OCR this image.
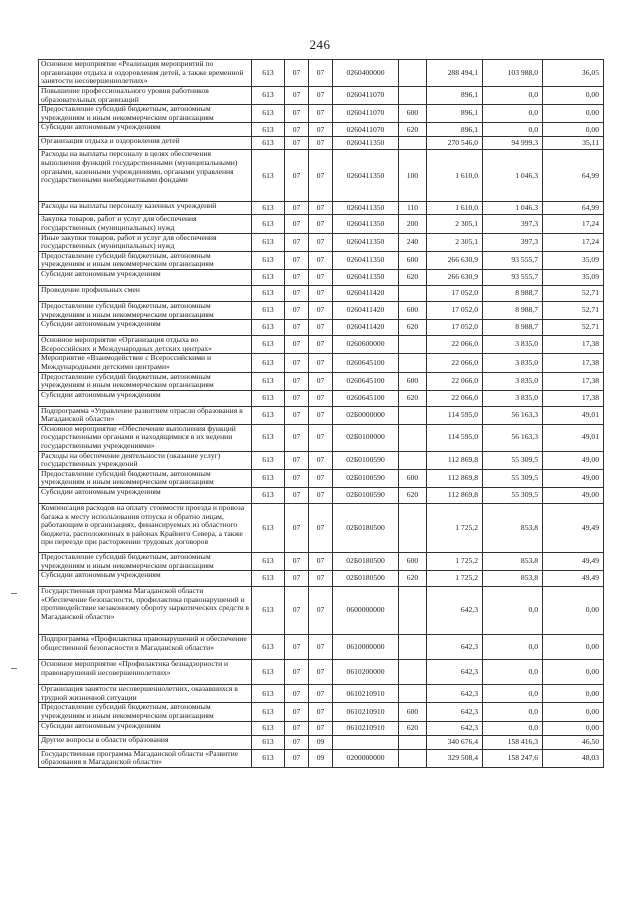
246
Основное мероприятие «Реализация мероприятий по организации отдыха и оздоровления детей, а также временной занятости несовершеннолетних»	613	07	07	0260400000		288 494,1	103 988,0	36,05
Повышение профессионального уровня работников образовательных организаций	613	07	07	0260411070		896,1	0,0	0,00
Предоставление субсидий бюджетным, автономным учреждениям и иным некоммерческим организациям	613	07	07	0260411070	600	896,1	0,0	0,00
Субсидии автономным учреждениям	613	07	07	0260411070	620	896,1	0,0	0,00
Организация отдыха и оздоровления детей	613	07	07	0260411350		270 546,0	94 999,3	35,11
Расходы на выплаты персоналу в целях обеспечения выполнения функций государственными (муниципальными) органами, казенными учреждениями, органами управления государственными внебюджетными фондами	613	07	07	0260411350	100	1 610,0	1 046,3	64,99
Расходы на выплаты персоналу казенных учреждений	613	07	07	0260411350	110	1 610,0	1 046,3	64,99
Закупка товаров, работ и услуг для обеспечения государственных (муниципальных) нужд	613	07	07	0260411350	200	2 305,1	397,3	17,24
Иные закупки товаров, работ и услуг для обеспечения государственных (муниципальных) нужд	613	07	07	0260411350	240	2 305,1	397,3	17,24
Предоставление субсидий бюджетным, автономным учреждениям и иным некоммерческим организациям	613	07	07	0260411350	600	266 630,9	93 555,7	35,09
Субсидии автономным учреждениям	613	07	07	0260411350	620	266 630,9	93 555,7	35,09
Проведение профильных смен	613	07	07	0260411420		17 052,0	8 988,7	52,71
Предоставление субсидий бюджетным, автономным учреждениям и иным некоммерческим организациям	613	07	07	0260411420	600	17 052,0	8 988,7	52,71
Субсидии автономным учреждениям	613	07	07	0260411420	620	17 052,0	8 988,7	52,71
Основное мероприятие «Организация отдыха во Всероссийских и Международных детских центрах»	613	07	07	0260600000		22 066,0	3 835,0	17,38
Мероприятие «Взаимодействие с Всероссийскими и Международными детскими центрами»	613	07	07	0260645100		22 066,0	3 835,0	17,38
Предоставление субсидий бюджетным, автономным учреждениям и иным некоммерческим организациям	613	07	07	0260645100	600	22 066,0	3 835,0	17,38
Субсидии автономным учреждениям	613	07	07	0260645100	620	22 066,0	3 835,0	17,38
Подпрограмма «Управление развитием отрасли образования в Магаданской области»	613	07	07	02Б0000000		114 595,0	56 163,3	49,01
Основное мероприятие «Обеспечение выполнения функций государственными органами и находящимися в их ведении государственными учреждениями»	613	07	07	02Б0100000		114 595,0	56 163,3	49,01
Расходы на обеспечение деятельности (оказание услуг) государственных учреждений	613	07	07	02Б0100590		112 869,8	55 309,5	49,00
Предоставление субсидий бюджетным, автономным учреждениям и иным некоммерческим организациям	613	07	07	02Б0100590	600	112 869,8	55 309,5	49,00
Субсидии автономным учреждениям	613	07	07	02Б0100590	620	112 869,8	55 309,5	49,00
Компенсация расходов на оплату стоимости проезда и провоза багажа к месту использования отпуска и обратно лицам, работающим в организациях, финансируемых из областного бюджета, расположенных в районах Крайнего Севера, а также при переезде при расторжении трудовых договоров	613	07	07	02Б0180500		1 725,2	853,8	49,49
Предоставление субсидий бюджетным, автономным учреждениям и иным некоммерческим организациям	613	07	07	02Б0180500	600	1 725,2	853,8	49,49
Субсидии автономным учреждениям	613	07	07	02Б0180500	620	1 725,2	853,8	49,49
Государственная программа Магаданской области «Обеспечение безопасности, профилактика правонарушений и противодействие незаконному обороту наркотических средств в Магаданской области»	613	07	07	0600000000		642,3	0,0	0,00
Подпрограмма «Профилактика правонарушений и обеспечение общественной безопасности в Магаданской области»	613	07	07	0610000000		642,3	0,0	0,00
Основное мероприятие «Профилактика безнадзорности и правонарушений несовершеннолетних»	613	07	07	0610200000		642,3	0,0	0,00
Организация занятости несовершеннолетних, оказавшихся в трудной жизненной ситуации	613	07	07	0610210910		642,3	0,0	0,00
Предоставление субсидий бюджетным, автономным учреждениям и иным некоммерческим организациям	613	07	07	0610210910	600	642,3	0,0	0,00
Субсидии автономным учреждениям	613	07	07	0610210910	620	642,3	0,0	0,00
Другие вопросы в области образования	613	07	09			340 676,4	158 416,3	46,50
Государственная программа Магаданской области «Развитие образования в Магаданской области»	613	07	09	0200000000		329 508,4	158 247,6	48,03
